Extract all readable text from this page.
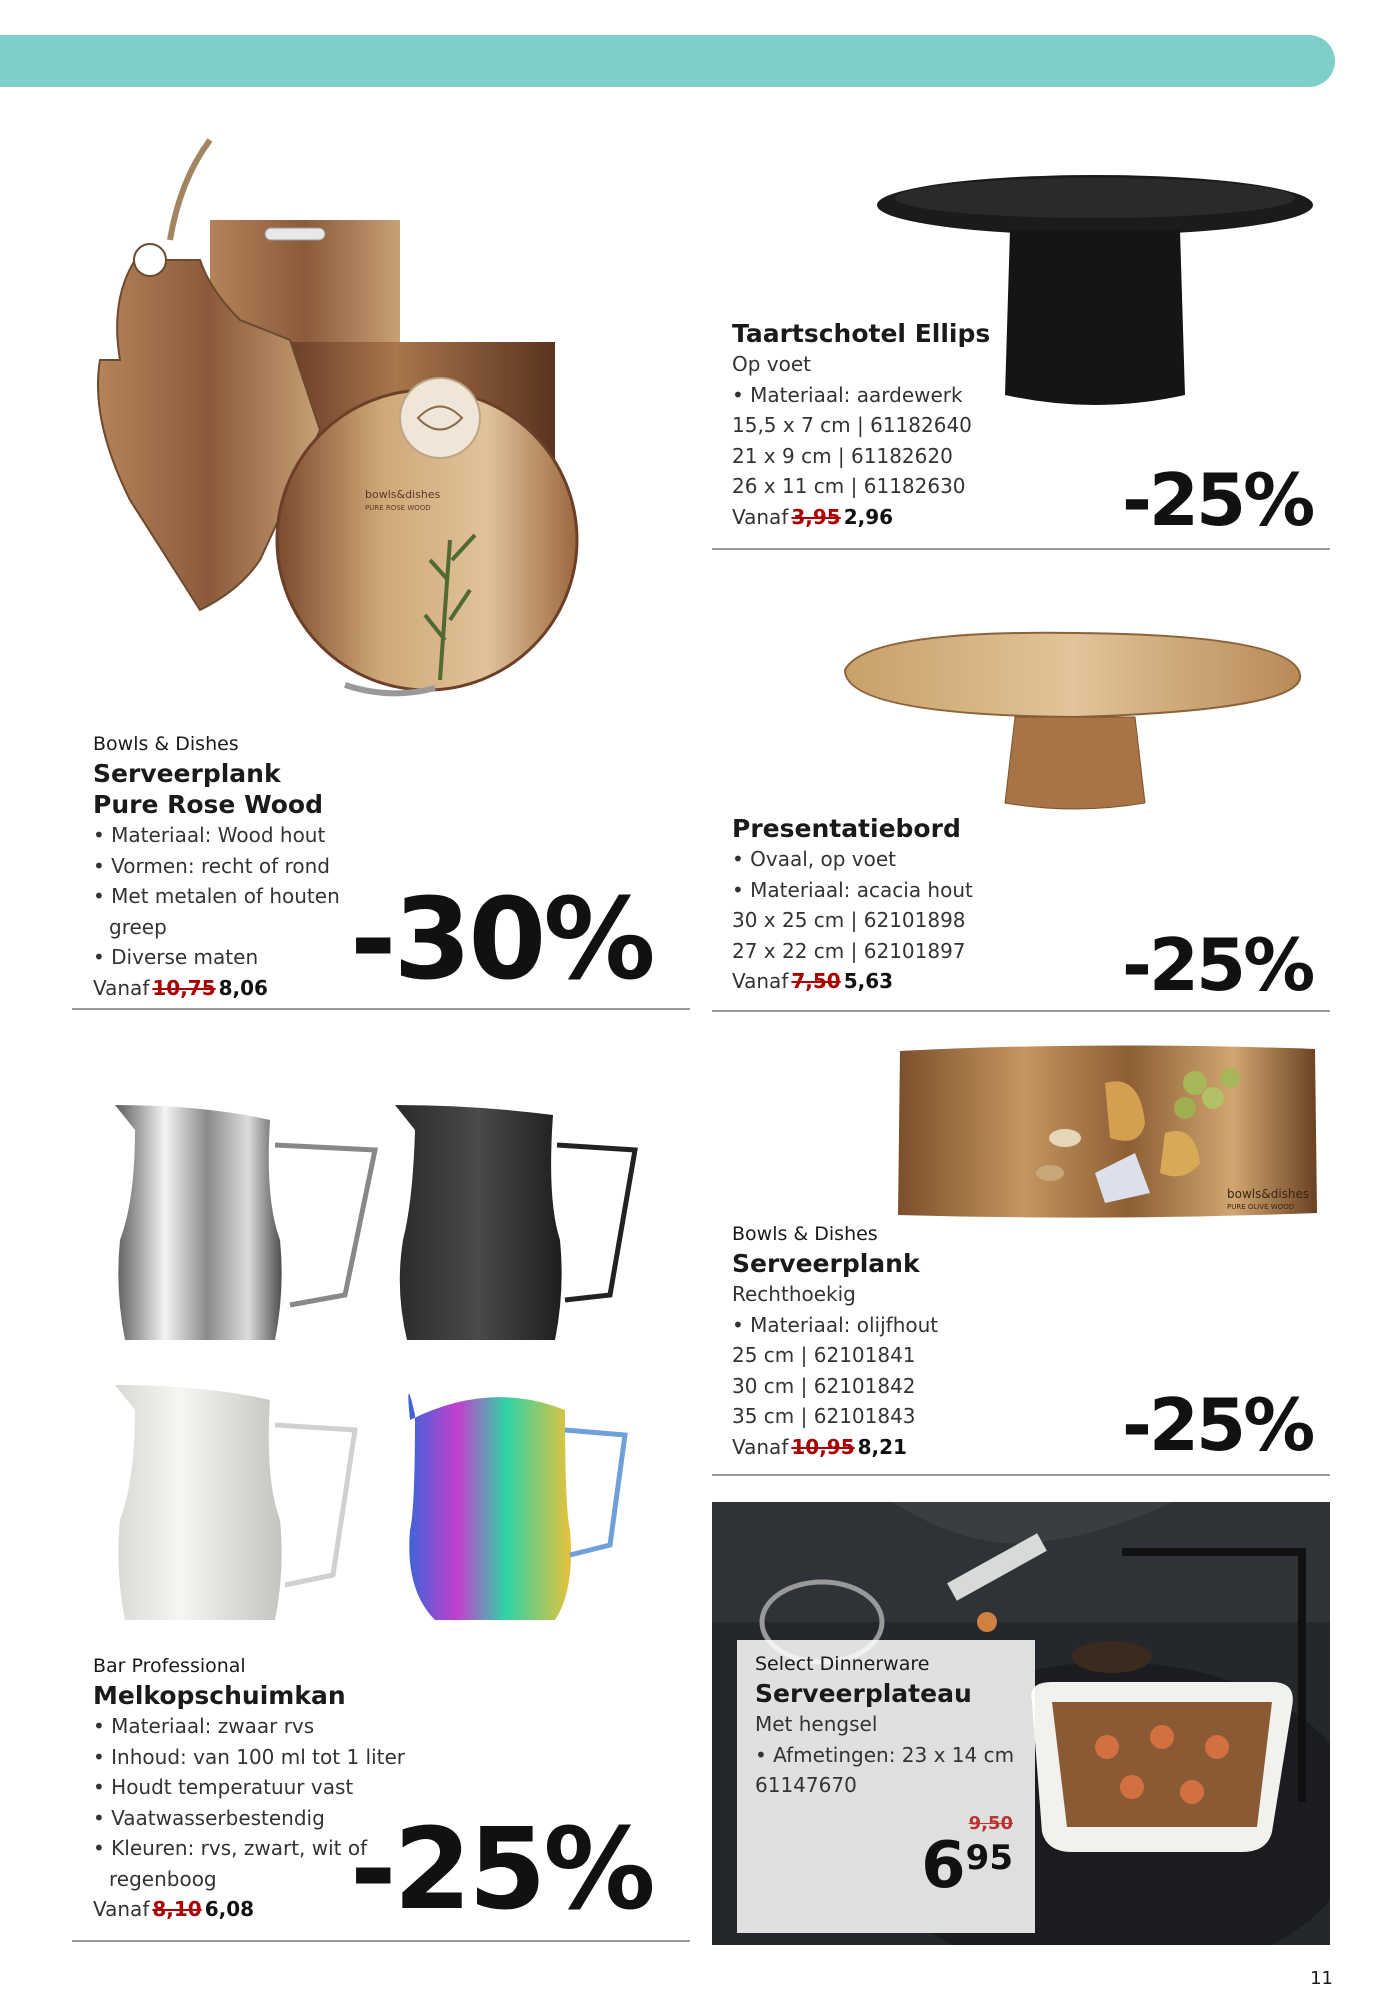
bowls&dishes
PURE ROSE WOOD
Bowls & Dishes
Serveerplank
Pure Rose Wood
• Materiaal: Wood hout
• Vormen: recht of rond
• Met metalen of houten greep
• Diverse maten
Vanaf 10,75 8,06 -30%
Taartschotel Ellips
Op voet
• Materiaal: aardewerk
15,5 x 7 cm | 61182640
21 x 9 cm | 61182620
26 x 11 cm | 61182630
Vanaf 3,95 2,96	-25%
Presentatiebord
• Ovaal, op voet
• Materiaal: acacia hout
30 x 25 cm | 62101898
27 x 22 cm | 62101897
Vanaf 7,50 5,63	-25%
Bar Professional
Melkopschuimkan
• Materiaal: zwaar rvs
• Inhoud: van 100 ml tot 1 liter
• Houdt temperatuur vast
• Vaatwasserbestendig
• Kleuren: rvs, zwart, wit of regenboog
Vanaf 8,10 6,08 -25%
bowls&dishes
PURE OLIVE WOOD
Bowls & Dishes
Serveerplank
Rechthoekig
• Materiaal: olijfhout
25 cm | 62101841
30 cm | 62101842
35 cm | 62101843
Vanaf 10,95 8,21	-25%
Select Dinnerware
Serveerplateau
Met hengsel
• Afmetingen: 23 x 14 cm
61147670
9,50
695
11
